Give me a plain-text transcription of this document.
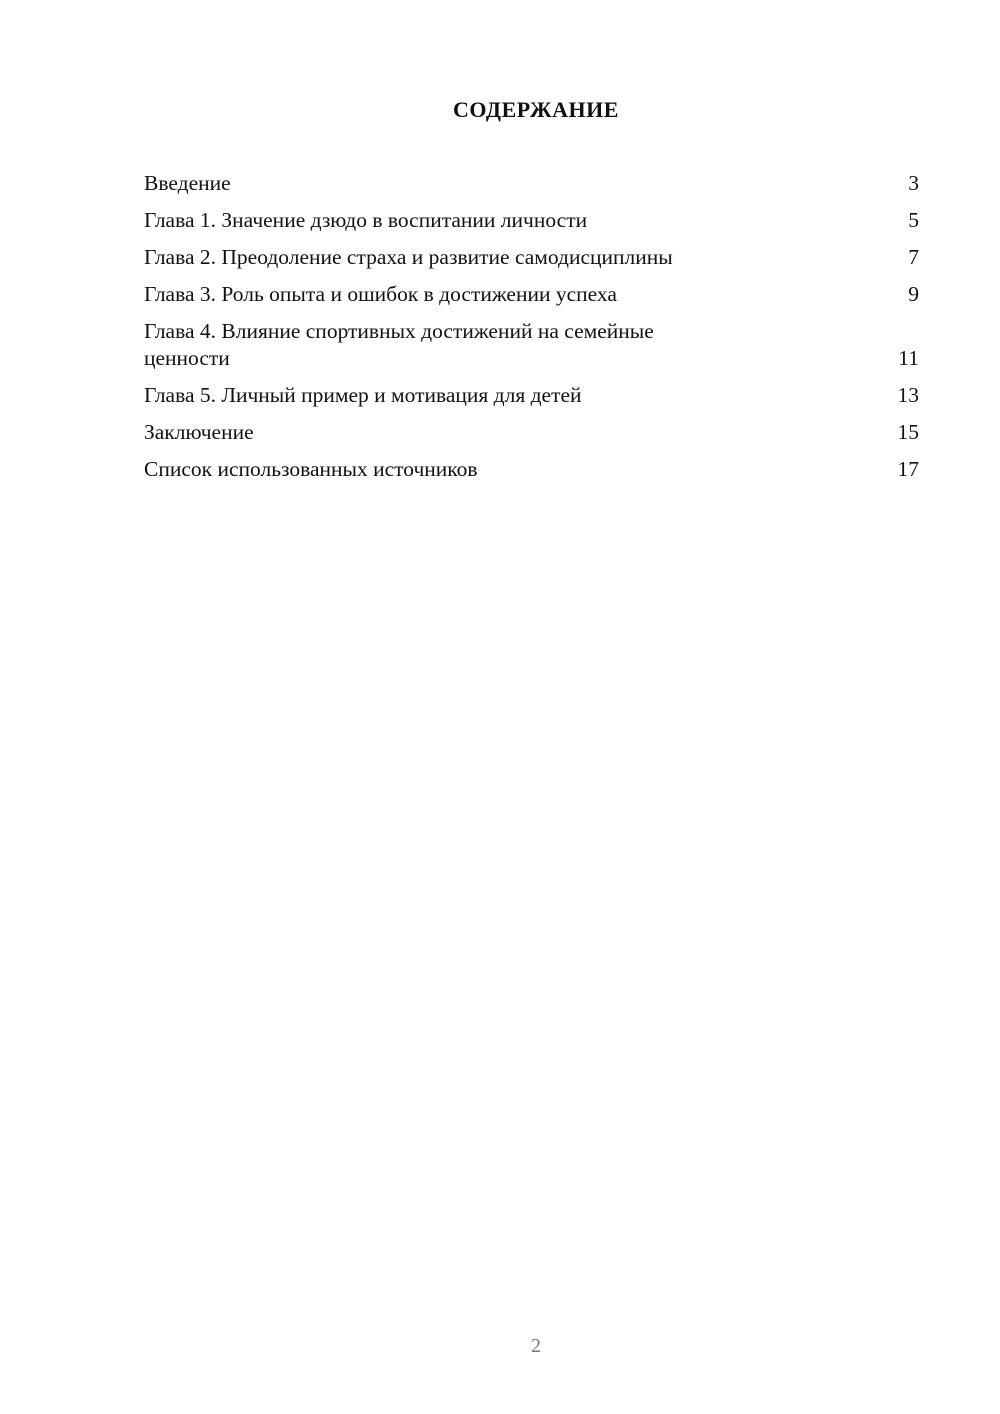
СОДЕРЖАНИЕ
Введение	3
Глава 1. Значение дзюдо в воспитании личности	5
Глава 2. Преодоление страха и развитие самодисциплины	7
Глава 3. Роль опыта и ошибок в достижении успеха	9
Глава 4. Влияние спортивных достижений на семейные ценности	11
Глава 5. Личный пример и мотивация для детей	13
Заключение	15
Список использованных источников	17
2
